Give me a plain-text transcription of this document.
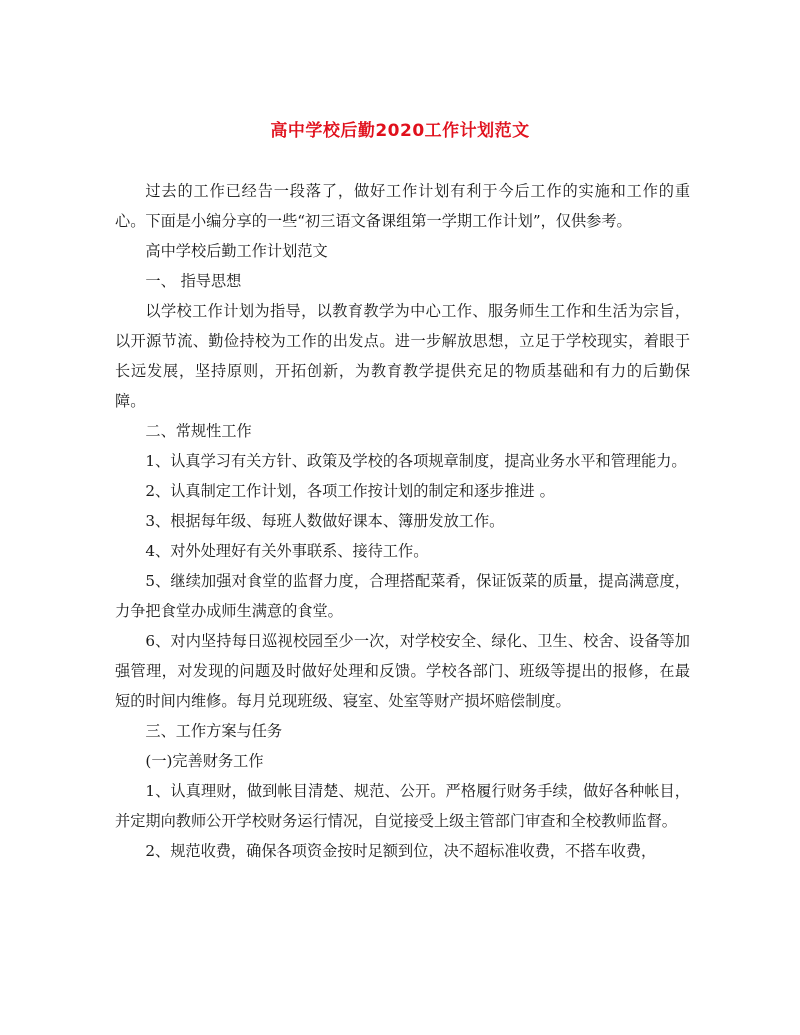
高中学校后勤2020工作计划范文

过去的工作已经告一段落了，做好工作计划有利于今后工作的实施和工作的重心。下面是小编分享的一些“初三语文备课组第一学期工作计划”，仅供参考。

高中学校后勤工作计划范文

一、 指导思想

以学校工作计划为指导，以教育教学为中心工作、服务师生工作和生活为宗旨，以开源节流、勤俭持校为工作的出发点。进一步解放思想，立足于学校现实，着眼于长远发展，坚持原则，开拓创新，为教育教学提供充足的物质基础和有力的后勤保障。

二、常规性工作

1、认真学习有关方针、政策及学校的各项规章制度，提高业务水平和管理能力。

2、认真制定工作计划，各项工作按计划的制定和逐步推进 。

3、根据每年级、每班人数做好课本、簿册发放工作。

4、对外处理好有关外事联系、接待工作。

5、继续加强对食堂的监督力度，合理搭配菜肴，保证饭菜的质量，提高满意度，力争把食堂办成师生满意的食堂。

6、对内坚持每日巡视校园至少一次，对学校安全、绿化、卫生、校舍、设备等加强管理，对发现的问题及时做好处理和反馈。学校各部门、班级等提出的报修，在最短的时间内维修。每月兑现班级、寝室、处室等财产损坏赔偿制度。

三、工作方案与任务

(一)完善财务工作

1、认真理财，做到帐目清楚、规范、公开。严格履行财务手续，做好各种帐目，并定期向教师公开学校财务运行情况，自觉接受上级主管部门审查和全校教师监督。

2、规范收费，确保各项资金按时足额到位，决不超标准收费，不搭车收费，
